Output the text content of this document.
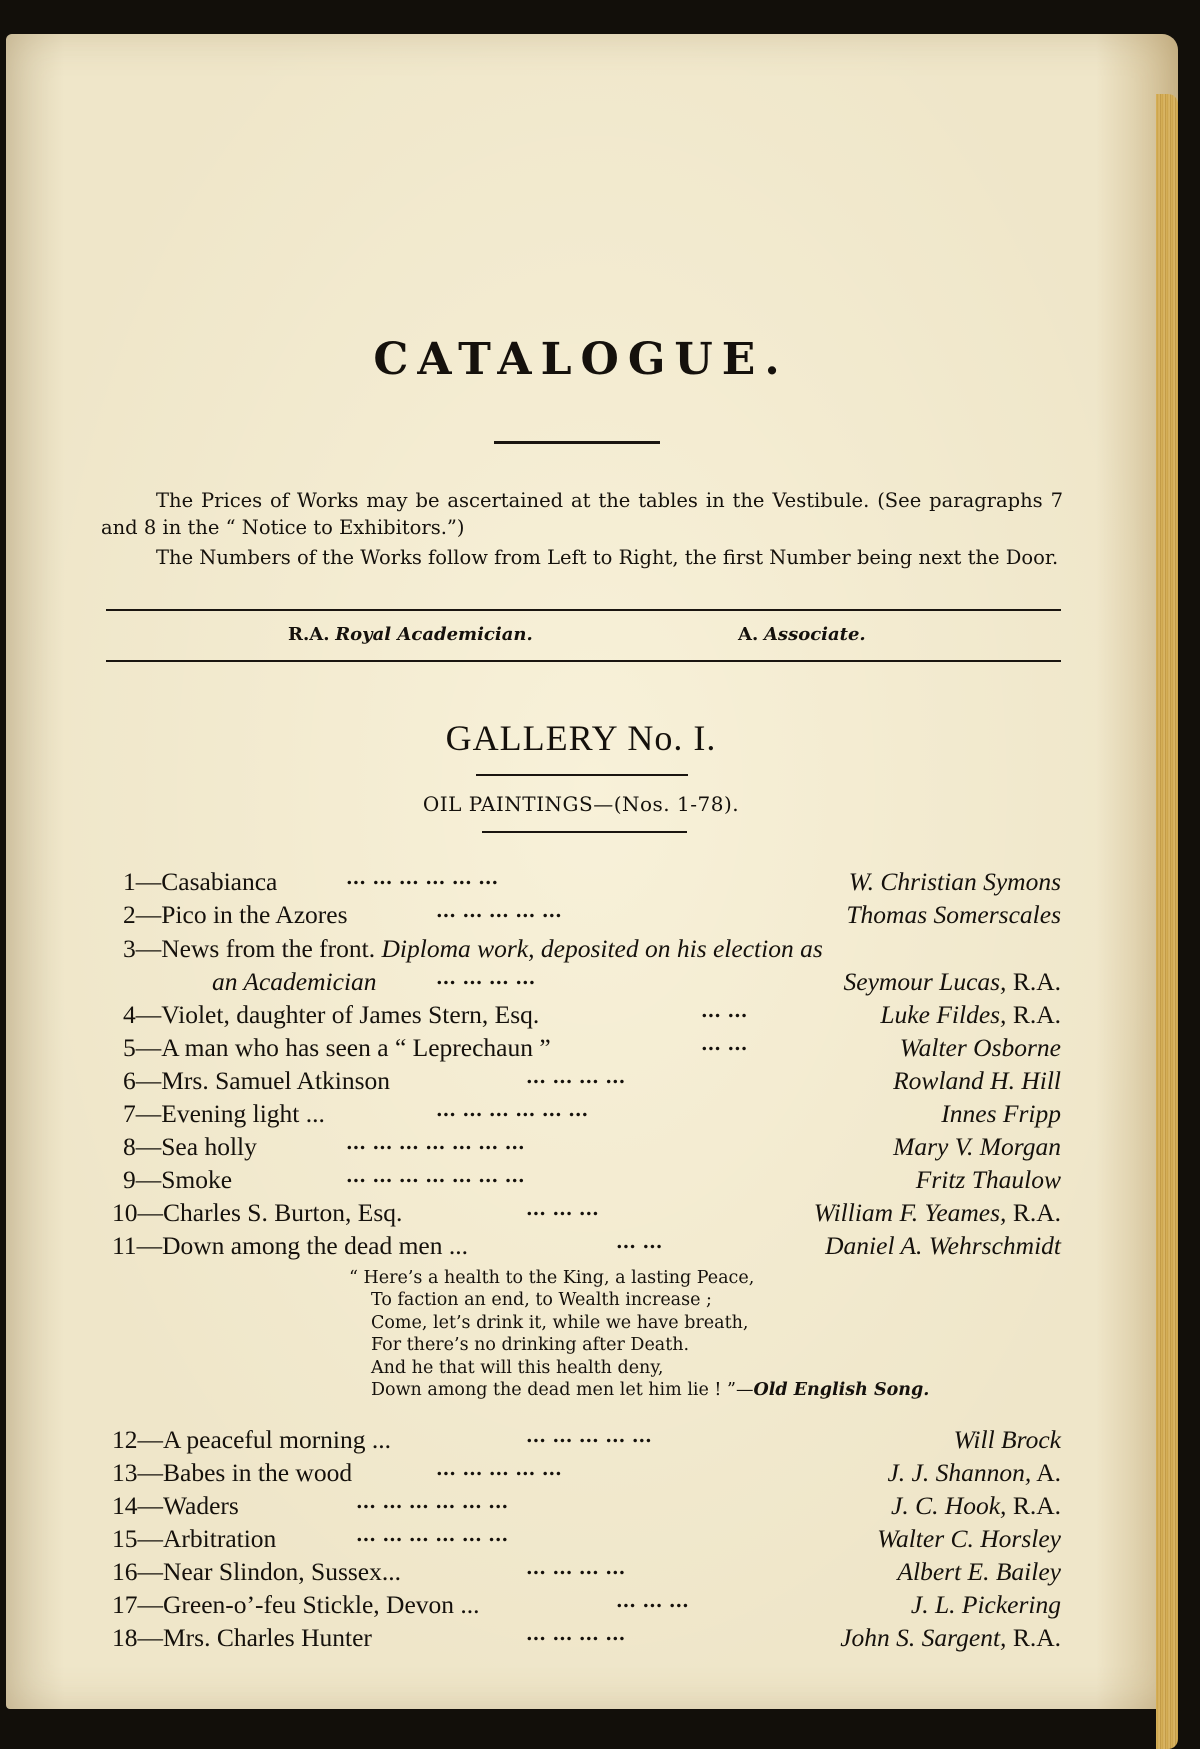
CATALOGUE.

The Prices of Works may be ascertained at the tables in the Vestibule. (See paragraphs 7 and 8 in the “ Notice to Exhibitors.”)

The Numbers of the Works follow from Left to Right, the first Number being next the Door.

R.A. Royal Academician.	A. Associate.
GALLERY No. I.
OIL PAINTINGS—(Nos. 1-78).
1—Casabianca	... ... ... ... ... ...	W. Christian Symons
2—Pico in the Azores	... ... ... ... ...	Thomas Somerscales
3—News from the front. Diploma work, deposited on his election as
an Academician	... ... ... ...	Seymour Lucas, R.A.
4—Violet, daughter of James Stern, Esq.	... ...	Luke Fildes, R.A.
5—A man who has seen a “ Leprechaun ”	... ...	Walter Osborne
6—Mrs. Samuel Atkinson	... ... ... ...	Rowland H. Hill
7—Evening light ...	... ... ... ... ... ...	Innes Fripp
8—Sea holly	... ... ... ... ... ... ...	Mary V. Morgan
9—Smoke	... ... ... ... ... ... ...	Fritz Thaulow
10—Charles S. Burton, Esq.	... ... ...	William F. Yeames, R.A.
11—Down among the dead men ...	... ...	Daniel A. Wehrschmidt
“ Here’s a health to the King, a lasting Peace,
To faction an end, to Wealth increase ;
Come, let’s drink it, while we have breath,
For there’s no drinking after Death.
And he that will this health deny,
Down among the dead men let him lie ! ”—Old English Song.
12—A peaceful morning ...	... ... ... ... ...	Will Brock
13—Babes in the wood	... ... ... ... ...	J. J. Shannon, A.
14—Waders	... ... ... ... ... ...	J. C. Hook, R.A.
15—Arbitration	... ... ... ... ... ...	Walter C. Horsley
16—Near Slindon, Sussex...	... ... ... ...	Albert E. Bailey
17—Green-o’-feu Stickle, Devon ...	... ... ...	J. L. Pickering
18—Mrs. Charles Hunter	... ... ... ...	John S. Sargent, R.A.
